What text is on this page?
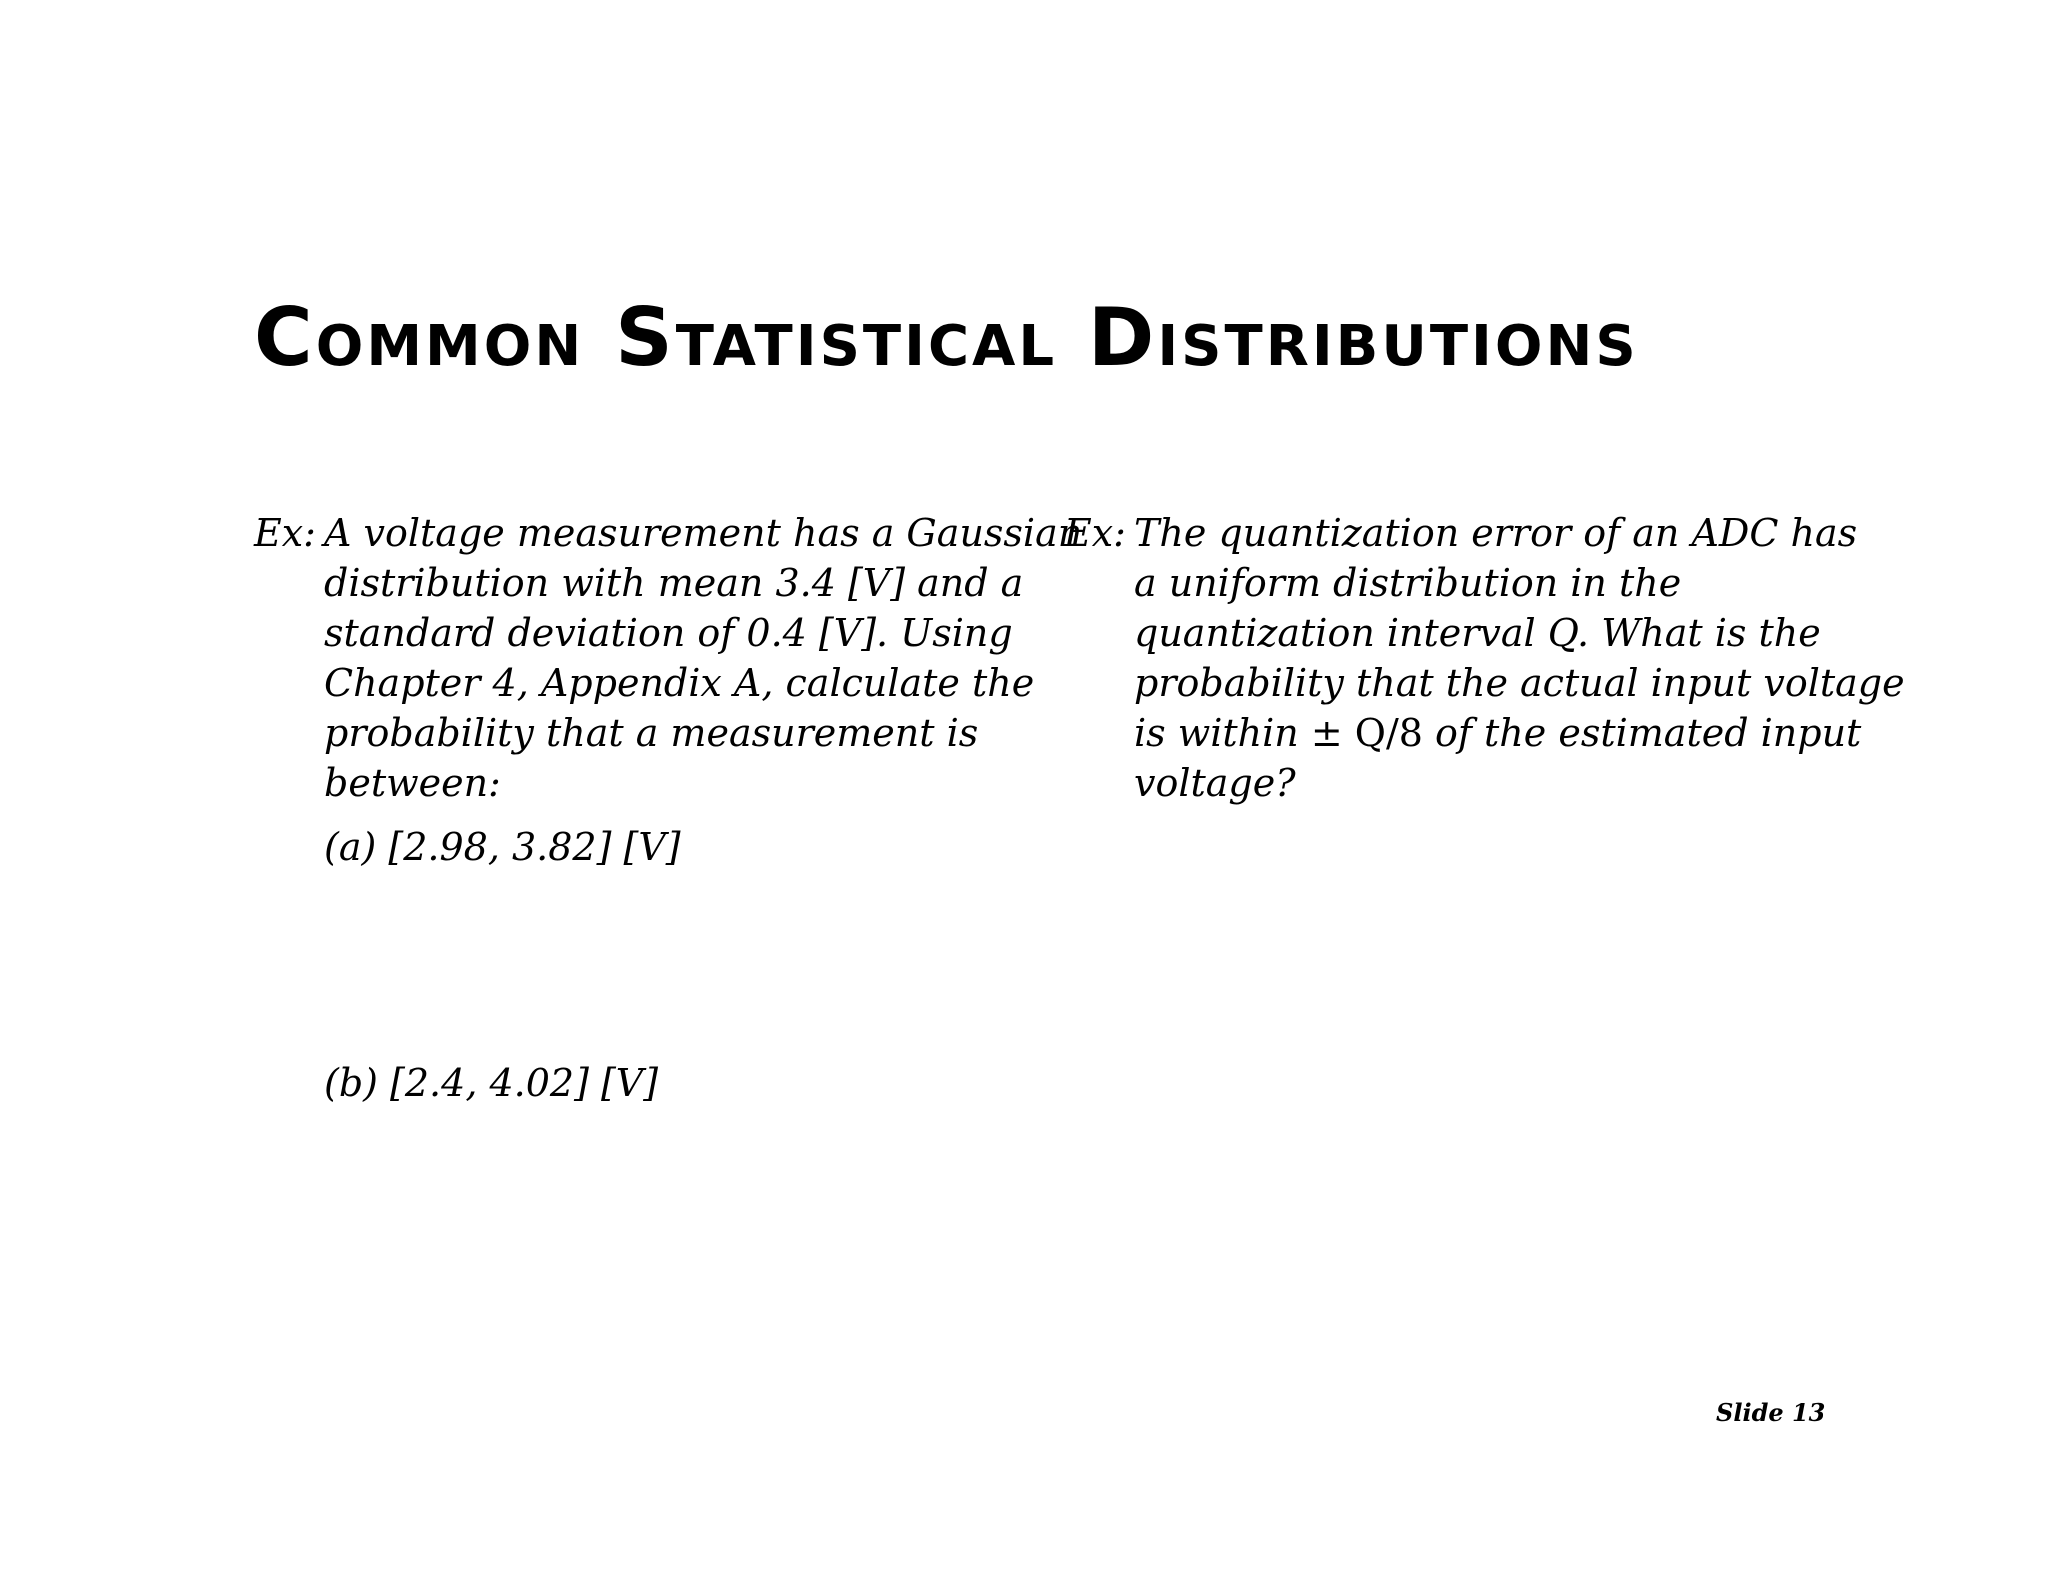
Common Statistical Distributions
Ex: A voltage measurement has a Gaussian
distribution with mean 3.4 [V] and a
standard deviation of 0.4 [V]. Using
Chapter 4, Appendix A, calculate the
probability that a measurement is
between:
(a) [2.98, 3.82] [V]
(b) [2.4, 4.02] [V]
Ex: The quantization error of an ADC has
a uniform distribution in the
quantization interval Q. What is the
probability that the actual input voltage
is within ± Q/8 of the estimated input
voltage?
Slide 13
